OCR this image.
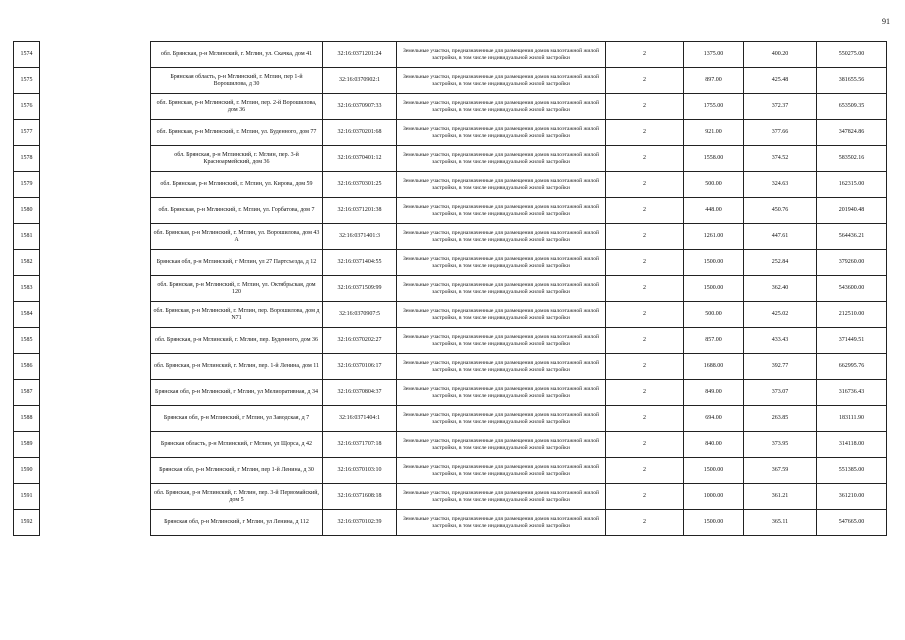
91
1574		обл. Брянская, р-н Мглинский, г. Мглин, ул. Скачка, дом 41	32:16:0371201:24	Земельные участки, предназначенные для размещения домов малоэтажной жилой застройки, в том числе индивидуальной жилой застройки	2	1375.00	400.20	550275.00
1575		Брянская область, р-н Мглинский, г. Мглин, пер 1-й Ворошилова, д 30	32:16:0370902:1	Земельные участки, предназначенные для размещения домов малоэтажной жилой застройки, в том числе индивидуальной жилой застройки	2	897.00	425.48	381655.56
1576		обл. Брянская, р-н Мглинский, г. Мглин, пер. 2-й Ворошилова, дом 36	32:16:0370907:33	Земельные участки, предназначенные для размещения домов малоэтажной жилой застройки, в том числе индивидуальной жилой застройки	2	1755.00	372.37	653509.35
1577		обл. Брянская, р-н Мглинский, г. Мглин, ул. Буденного, дом 77	32:16:0370201:68	Земельные участки, предназначенные для размещения домов малоэтажной жилой застройки, в том числе индивидуальной жилой застройки	2	921.00	377.66	347824.86
1578		обл. Брянская, р-н Мглинский, г. Мглин, пер. 3-й Красноармейский, дом 36	32:16:0370401:12	Земельные участки, предназначенные для размещения домов малоэтажной жилой застройки, в том числе индивидуальной жилой застройки	2	1558.00	374.52	583502.16
1579		обл. Брянская, р-н Мглинский, г. Мглин, ул. Кирова, дом 59	32:16:0370301:25	Земельные участки, предназначенные для размещения домов малоэтажной жилой застройки, в том числе индивидуальной жилой застройки	2	500.00	324.63	162315.00
1580		обл. Брянская, р-н Мглинский, г. Мглин, ул. Горбатова, дом 7	32:16:0371201:38	Земельные участки, предназначенные для размещения домов малоэтажной жилой застройки, в том числе индивидуальной жилой застройки	2	448.00	450.76	201940.48
1581		обл. Брянская, р-н Мглинский, г. Мглин, ул. Ворошилова, дом 43 А	32:16:0371401:3	Земельные участки, предназначенные для размещения домов малоэтажной жилой застройки, в том числе индивидуальной жилой застройки	2	1261.00	447.61	564436.21
1582		Брянская обл, р-н Мглинский, г Мглин, ул 27 Партсъезда, д 12	32:16:0371404:55	Земельные участки, предназначенные для размещения домов малоэтажной жилой застройки, в том числе индивидуальной жилой застройки	2	1500.00	252.84	379260.00
1583		обл. Брянская, р-н Мглинский, г. Мглин, ул. Октябрьская, дом 120	32:16:0371509:99	Земельные участки, предназначенные для размещения домов малоэтажной жилой застройки, в том числе индивидуальной жилой застройки	2	1500.00	362.40	543600.00
1584		обл. Брянская, р-н Мглинский, г. Мглин, пер. Ворошилова, дом д N71	32:16:0370907:5	Земельные участки, предназначенные для размещения домов малоэтажной жилой застройки, в том числе индивидуальной жилой застройки	2	500.00	425.02	212510.00
1585		обл. Брянская, р-н Мглинский, г. Мглин, пер. Буденного, дом 36	32:16:0370202:27	Земельные участки, предназначенные для размещения домов малоэтажной жилой застройки, в том числе индивидуальной жилой застройки	2	857.00	433.43	371449.51
1586		обл. Брянская, р-н Мглинский, г. Мглин, пер. 1-й Ленина, дом 11	32:16:0370106:17	Земельные участки, предназначенные для размещения домов малоэтажной жилой застройки, в том числе индивидуальной жилой застройки	2	1688.00	392.77	662995.76
1587		Брянская обл, р-н Мглинский, г Мглин, ул Мелиоративная, д 34	32:16:0370804:37	Земельные участки, предназначенные для размещения домов малоэтажной жилой застройки, в том числе индивидуальной жилой застройки	2	849.00	373.07	316736.43
1588		Брянская обл, р-н Мглинский, г Мглин, ул Заводская, д 7	32:16:0371404:1	Земельные участки, предназначенные для размещения домов малоэтажной жилой застройки, в том числе индивидуальной жилой застройки	2	694.00	263.85	183111.90
1589		Брянская область, р-н Мглинский, г Мглин, ул Щорса, д 42	32:16:0371707:18	Земельные участки, предназначенные для размещения домов малоэтажной жилой застройки, в том числе индивидуальной жилой застройки	2	840.00	373.95	314118.00
1590		Брянская обл, р-н Мглинский, г Мглин, пер 1-й Ленина, д 30	32:16:0370103:10	Земельные участки, предназначенные для размещения домов малоэтажной жилой застройки, в том числе индивидуальной жилой застройки	2	1500.00	367.59	551385.00
1591		обл. Брянская, р-н Мглинский, г. Мглин, пер. 3-й Первомайский, дом 5	32:16:0371608:18	Земельные участки, предназначенные для размещения домов малоэтажной жилой застройки, в том числе индивидуальной жилой застройки	2	1000.00	361.21	361210.00
1592		Брянская обл, р-н Мглинский, г Мглин, ул Ленина, д 112	32:16:0370102:39	Земельные участки, предназначенные для размещения домов малоэтажной жилой застройки, в том числе индивидуальной жилой застройки	2	1500.00	365.11	547665.00
